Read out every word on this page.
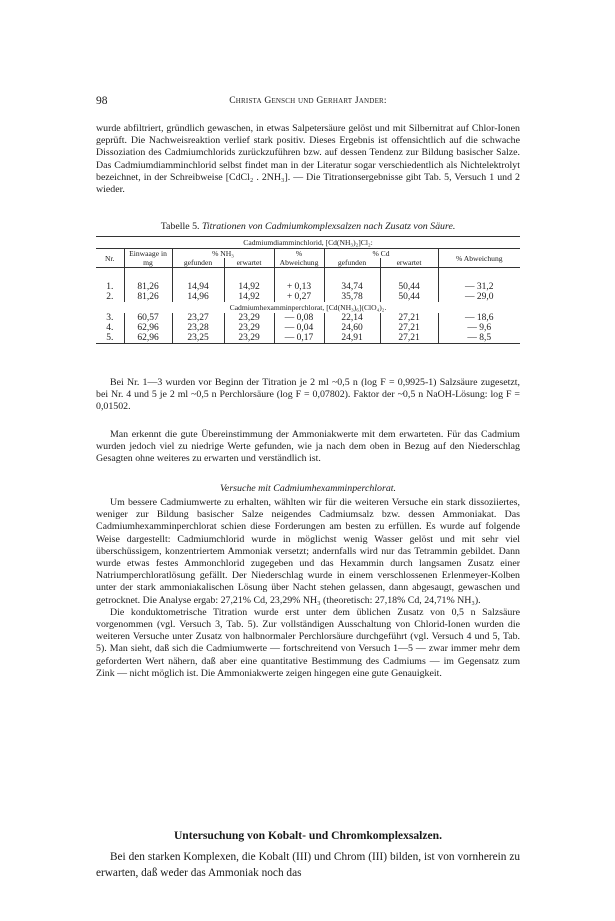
98	Christa Gensch und Gerhart Jander:

wurde abfiltriert, gründlich gewaschen, in etwas Salpetersäure gelöst und mit Silbernitrat auf Chlor-Ionen geprüft. Die Nachweisreaktion verlief stark positiv. Dieses Ergebnis ist offensichtlich auf die schwache Dissoziation des Cadmiumchlorids zurückzuführen bzw. auf dessen Tendenz zur Bildung basischer Salze. Das Cadmiumdiamminchlorid selbst findet man in der Literatur sogar verschiedentlich als Nichtelektrolyt bezeichnet, in der Schreibweise [CdCl₂ . 2NH₃]. — Die Titrationsergebnisse gibt Tab. 5, Versuch 1 und 2 wieder.

Tabelle 5. Titrationen von Cadmiumkomplexsalzen nach Zusatz von Säure.
Cadmiumdiamminchlorid, [Cd(NH₃)₂]Cl₂:							
Nr.	Einwaage in mg	% NH₃		% Abweichung	% Cd		% Abweichung
		gefunden	erwartet		gefunden	erwartet	

1.	81,26	14,94	14,92	+ 0,13	34,74	50,44	— 31,2
2.	81,26	14,96	14,92	+ 0,27	35,78	50,44	— 29,0
Cadmiumhexamminperchlorat, [Cd(NH₃)₆](ClO₄)₂.							
3.	60,57	23,27	23,29	— 0,08	22,14	27,21	— 18,6
4.	62,96	23,28	23,29	— 0,04	24,60	27,21	— 9,6
5.	62,96	23,25	23,29	— 0,17	24,91	27,21	— 8,5

Bei Nr. 1—3 wurden vor Beginn der Titration je 2 ml ~0,5 n (log F = 0,9925-1) Salzsäure zugesetzt, bei Nr. 4 und 5 je 2 ml ~0,5 n Perchlorsäure (log F = 0,07802). Faktor der ~0,5 n NaOH-Lösung: log F = 0,01502.

Man erkennt die gute Übereinstimmung der Ammoniakwerte mit dem erwarteten. Für das Cadmium wurden jedoch viel zu niedrige Werte gefunden, wie ja nach dem oben in Bezug auf den Niederschlag Gesagten ohne weiteres zu erwarten und verständlich ist.

Versuche mit Cadmiumhexamminperchlorat.

Um bessere Cadmiumwerte zu erhalten, wählten wir für die weiteren Versuche ein stark dissoziiertes, weniger zur Bildung basischer Salze neigendes Cadmiumsalz bzw. dessen Ammoniakat. Das Cadmiumhexamminperchlorat schien diese Forderungen am besten zu erfüllen. Es wurde auf folgende Weise dargestellt: Cadmiumchlorid wurde in möglichst wenig Wasser gelöst und mit sehr viel überschüssigem, konzentriertem Ammoniak versetzt; andernfalls wird nur das Tetrammin gebildet. Dann wurde etwas festes Ammonchlorid zugegeben und das Hexammin durch langsamen Zusatz einer Natriumperchloratlösung gefällt. Der Niederschlag wurde in einem verschlossenen Erlenmeyer-Kolben unter der stark ammoniakalischen Lösung über Nacht stehen gelassen, dann abgesaugt, gewaschen und getrocknet. Die Analyse ergab: 27,21% Cd, 23,29% NH₃ (theoretisch: 27,18% Cd, 24,71% NH₃).

Die konduktometrische Titration wurde erst unter dem üblichen Zusatz von 0,5 n Salzsäure vorgenommen (vgl. Versuch 3, Tab. 5). Zur vollständigen Ausschaltung von Chlorid-Ionen wurden die weiteren Versuche unter Zusatz von halbnormaler Perchlorsäure durchgeführt (vgl. Versuch 4 und 5, Tab. 5). Man sieht, daß sich die Cadmiumwerte — fortschreitend von Versuch 1—5 — zwar immer mehr dem geforderten Wert nähern, daß aber eine quantitative Bestimmung des Cadmiums — im Gegensatz zum Zink — nicht möglich ist. Die Ammoniakwerte zeigen hingegen eine gute Genauigkeit.

Untersuchung von Kobalt- und Chromkomplexsalzen.

Bei den starken Komplexen, die Kobalt (III) und Chrom (III) bilden, ist von vornherein zu erwarten, daß weder das Ammoniak noch das
